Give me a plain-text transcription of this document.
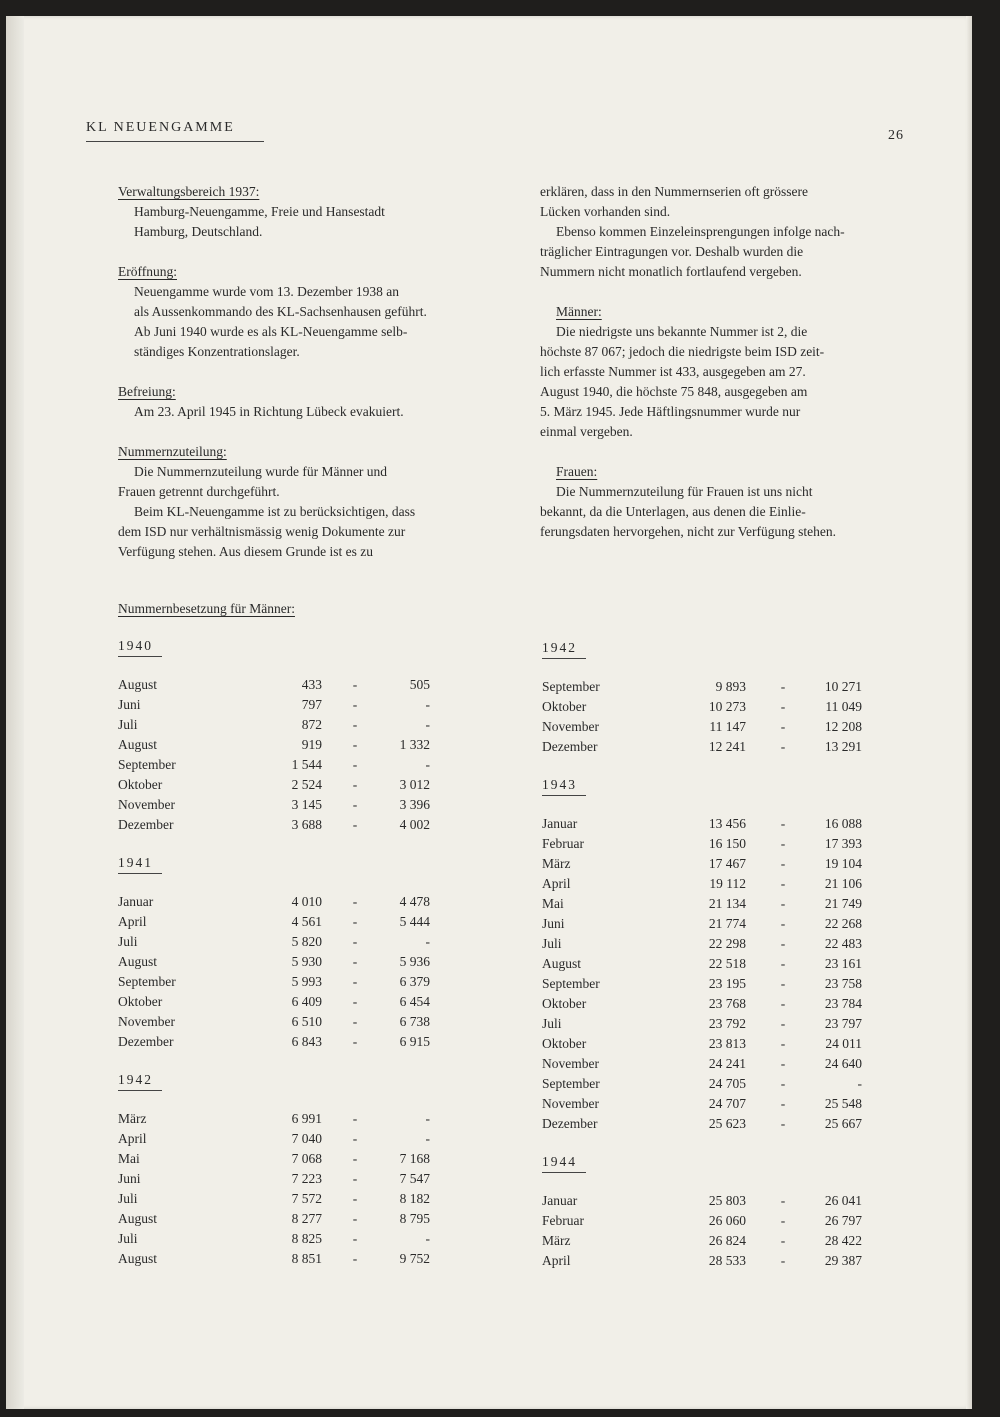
KL NEUENGAMME
26
Verwaltungsbereich 1937:
Hamburg-Neuengamme, Freie und Hansestadt
Hamburg, Deutschland.
Eröffnung:
Neuengamme wurde vom 13. Dezember 1938 an
als Aussenkommando des KL-Sachsenhausen geführt.
Ab Juni 1940 wurde es als KL-Neuengamme selb-
ständiges Konzentrationslager.
Befreiung:
Am 23. April 1945 in Richtung Lübeck evakuiert.
Nummernzuteilung:
Die Nummernzuteilung wurde für Männer und
Frauen getrennt durchgeführt.
Beim KL-Neuengamme ist zu berücksichtigen, dass
dem ISD nur verhältnismässig wenig Dokumente zur
Verfügung stehen. Aus diesem Grunde ist es zu
erklären, dass in den Nummernserien oft grössere
Lücken vorhanden sind.
Ebenso kommen Einzeleinsprengungen infolge nach-
träglicher Eintragungen vor. Deshalb wurden die
Nummern nicht monatlich fortlaufend vergeben.
Männer:
Die niedrigste uns bekannte Nummer ist 2, die
höchste 87 067; jedoch die niedrigste beim ISD zeit-
lich erfasste Nummer ist 433, ausgegeben am 27.
August 1940, die höchste 75 848, ausgegeben am
5. März 1945. Jede Häftlingsnummer wurde nur
einmal vergeben.
Frauen:
Die Nummernzuteilung für Frauen ist uns nicht
bekannt, da die Unterlagen, aus denen die Einlie-
ferungsdaten hervorgehen, nicht zur Verfügung stehen.
Nummernbesetzung für Männer:
1940
August	433 -	505
Juni	797 -	-
Juli	872 -	-
August	919 -	1 332
September	1 544 -	-
Oktober	2 524 -	3 012
November	3 145 -	3 396
Dezember	3 688 -	4 002
1941
Januar	4 010 -	4 478
April	4 561 -	5 444
Juli	5 820 -	-
August	5 930 -	5 936
September	5 993 -	6 379
Oktober	6 409 -	6 454
November	6 510 -	6 738
Dezember	6 843 -	6 915
1942
März	6 991 -	-
April	7 040 -	-
Mai	7 068 -	7 168
Juni	7 223 -	7 547
Juli	7 572 -	8 182
August	8 277 -	8 795
Juli	8 825 -	-
August	8 851 -	9 752
1942
September	9 893	-	10 271
Oktober	10 273	-	11 049
November	11 147	-	12 208
Dezember	12 241	-	13 291
1943
Januar	13 456	-	16 088
Februar	16 150	-	17 393
März	17 467	-	19 104
April	19 112	-	21 106
Mai	21 134	-	21 749
Juni	21 774	-	22 268
Juli	22 298	-	22 483
August	22 518	-	23 161
September	23 195	-	23 758
Oktober	23 768	-	23 784
Juli	23 792	-	23 797
Oktober	23 813	-	24 011
November	24 241	-	24 640
September	24 705	-	-
November	24 707	-	25 548
Dezember	25 623	-	25 667
1944
Januar	25 803	-	26 041
Februar	26 060	-	26 797
März	26 824	-	28 422
April	28 533	-	29 387
